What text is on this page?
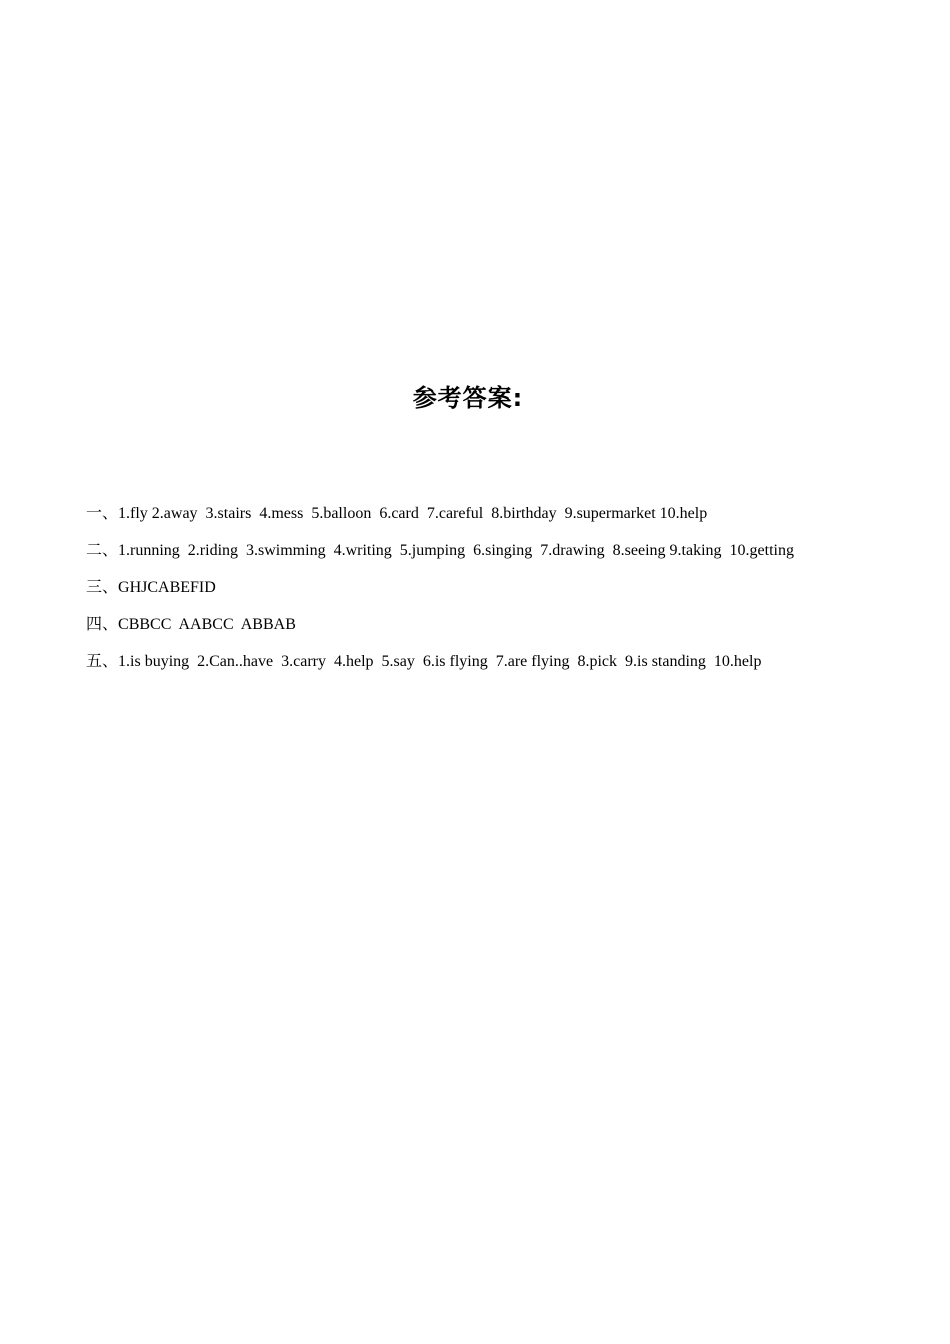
参考答案:
一、1.fly 2.away  3.stairs  4.mess  5.balloon  6.card  7.careful  8.birthday  9.supermarket 10.help
二、1.running  2.riding  3.swimming  4.writing  5.jumping  6.singing  7.drawing  8.seeing 9.taking  10.getting
三、GHJCABEFID
四、CBBCC  AABCC  ABBAB
五、1.is buying  2.Can..have  3.carry  4.help  5.say  6.is flying  7.are flying  8.pick  9.is standing  10.help
